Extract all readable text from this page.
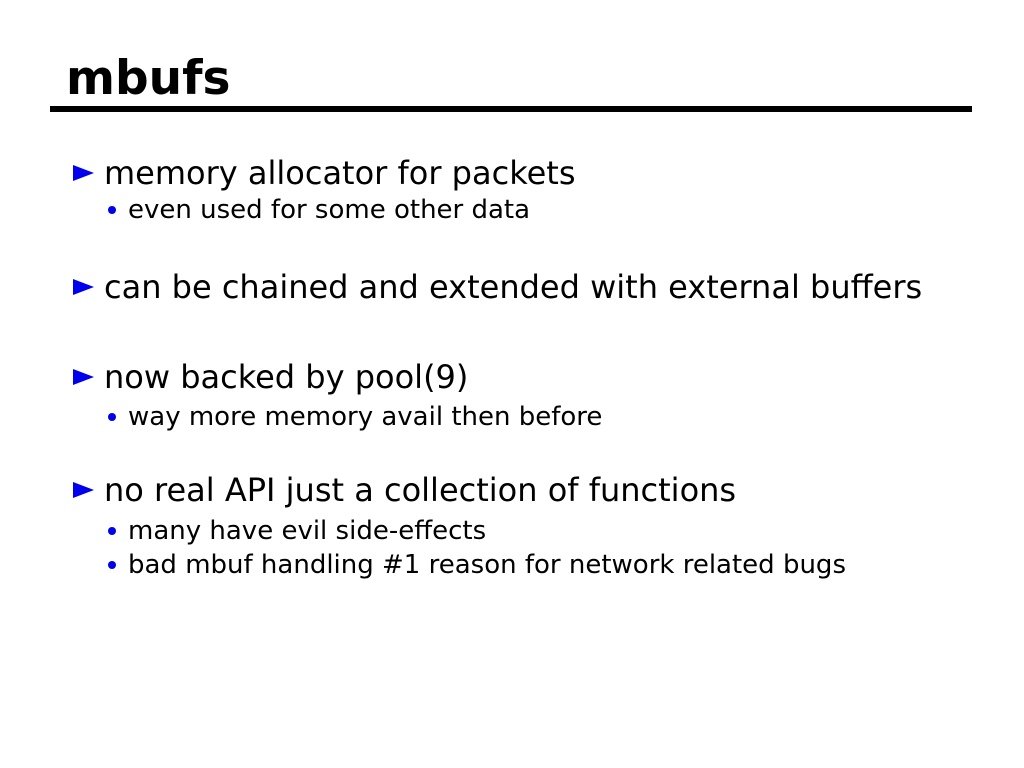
mbufs
memory allocator for packets
even used for some other data
can be chained and extended with external buffers
now backed by pool(9)
way more memory avail then before
no real API just a collection of functions
many have evil side-effects
bad mbuf handling #1 reason for network related bugs
